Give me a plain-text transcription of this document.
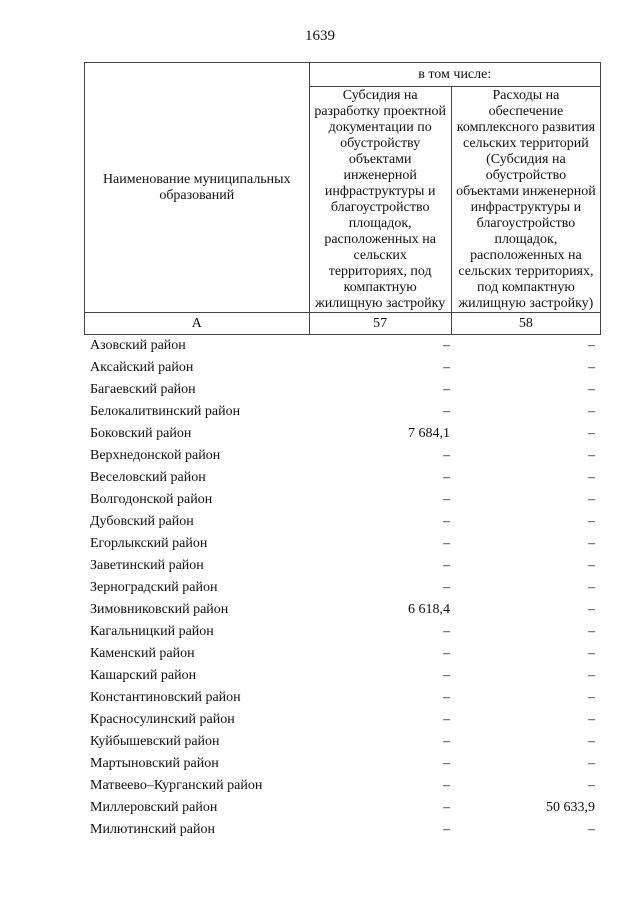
1639
Наименование муниципальных образований	в том числе:	
	Субсидия на разработку проектной документации по обустройству объектами инженерной инфраструктуры и благоустройство площадок, расположенных на сельских территориях, под компактную жилищную застройку	Расходы на обеспечение комплексного развития сельских территорий (Субсидия на обустройство объектами инженерной инфраструктуры и благоустройство площадок, расположенных на сельских территориях, под компактную жилищную застройку)
А	57	58
Азовский район	–	–
Аксайский район	–	–
Багаевский район	–	–
Белокалитвинский район	–	–
Боковский район	7 684,1	–
Верхнедонской район	–	–
Веселовский район	–	–
Волгодонской район	–	–
Дубовский район	–	–
Егорлыкский район	–	–
Заветинский район	–	–
Зерноградский район	–	–
Зимовниковский район	6 618,4	–
Кагальницкий район	–	–
Каменский район	–	–
Кашарский район	–	–
Константиновский район	–	–
Красносулинский район	–	–
Куйбышевский район	–	–
Мартыновский район	–	–
Матвеево–Курганский район	–	–
Миллеровский район	–	50 633,9
Милютинский район	–	–
